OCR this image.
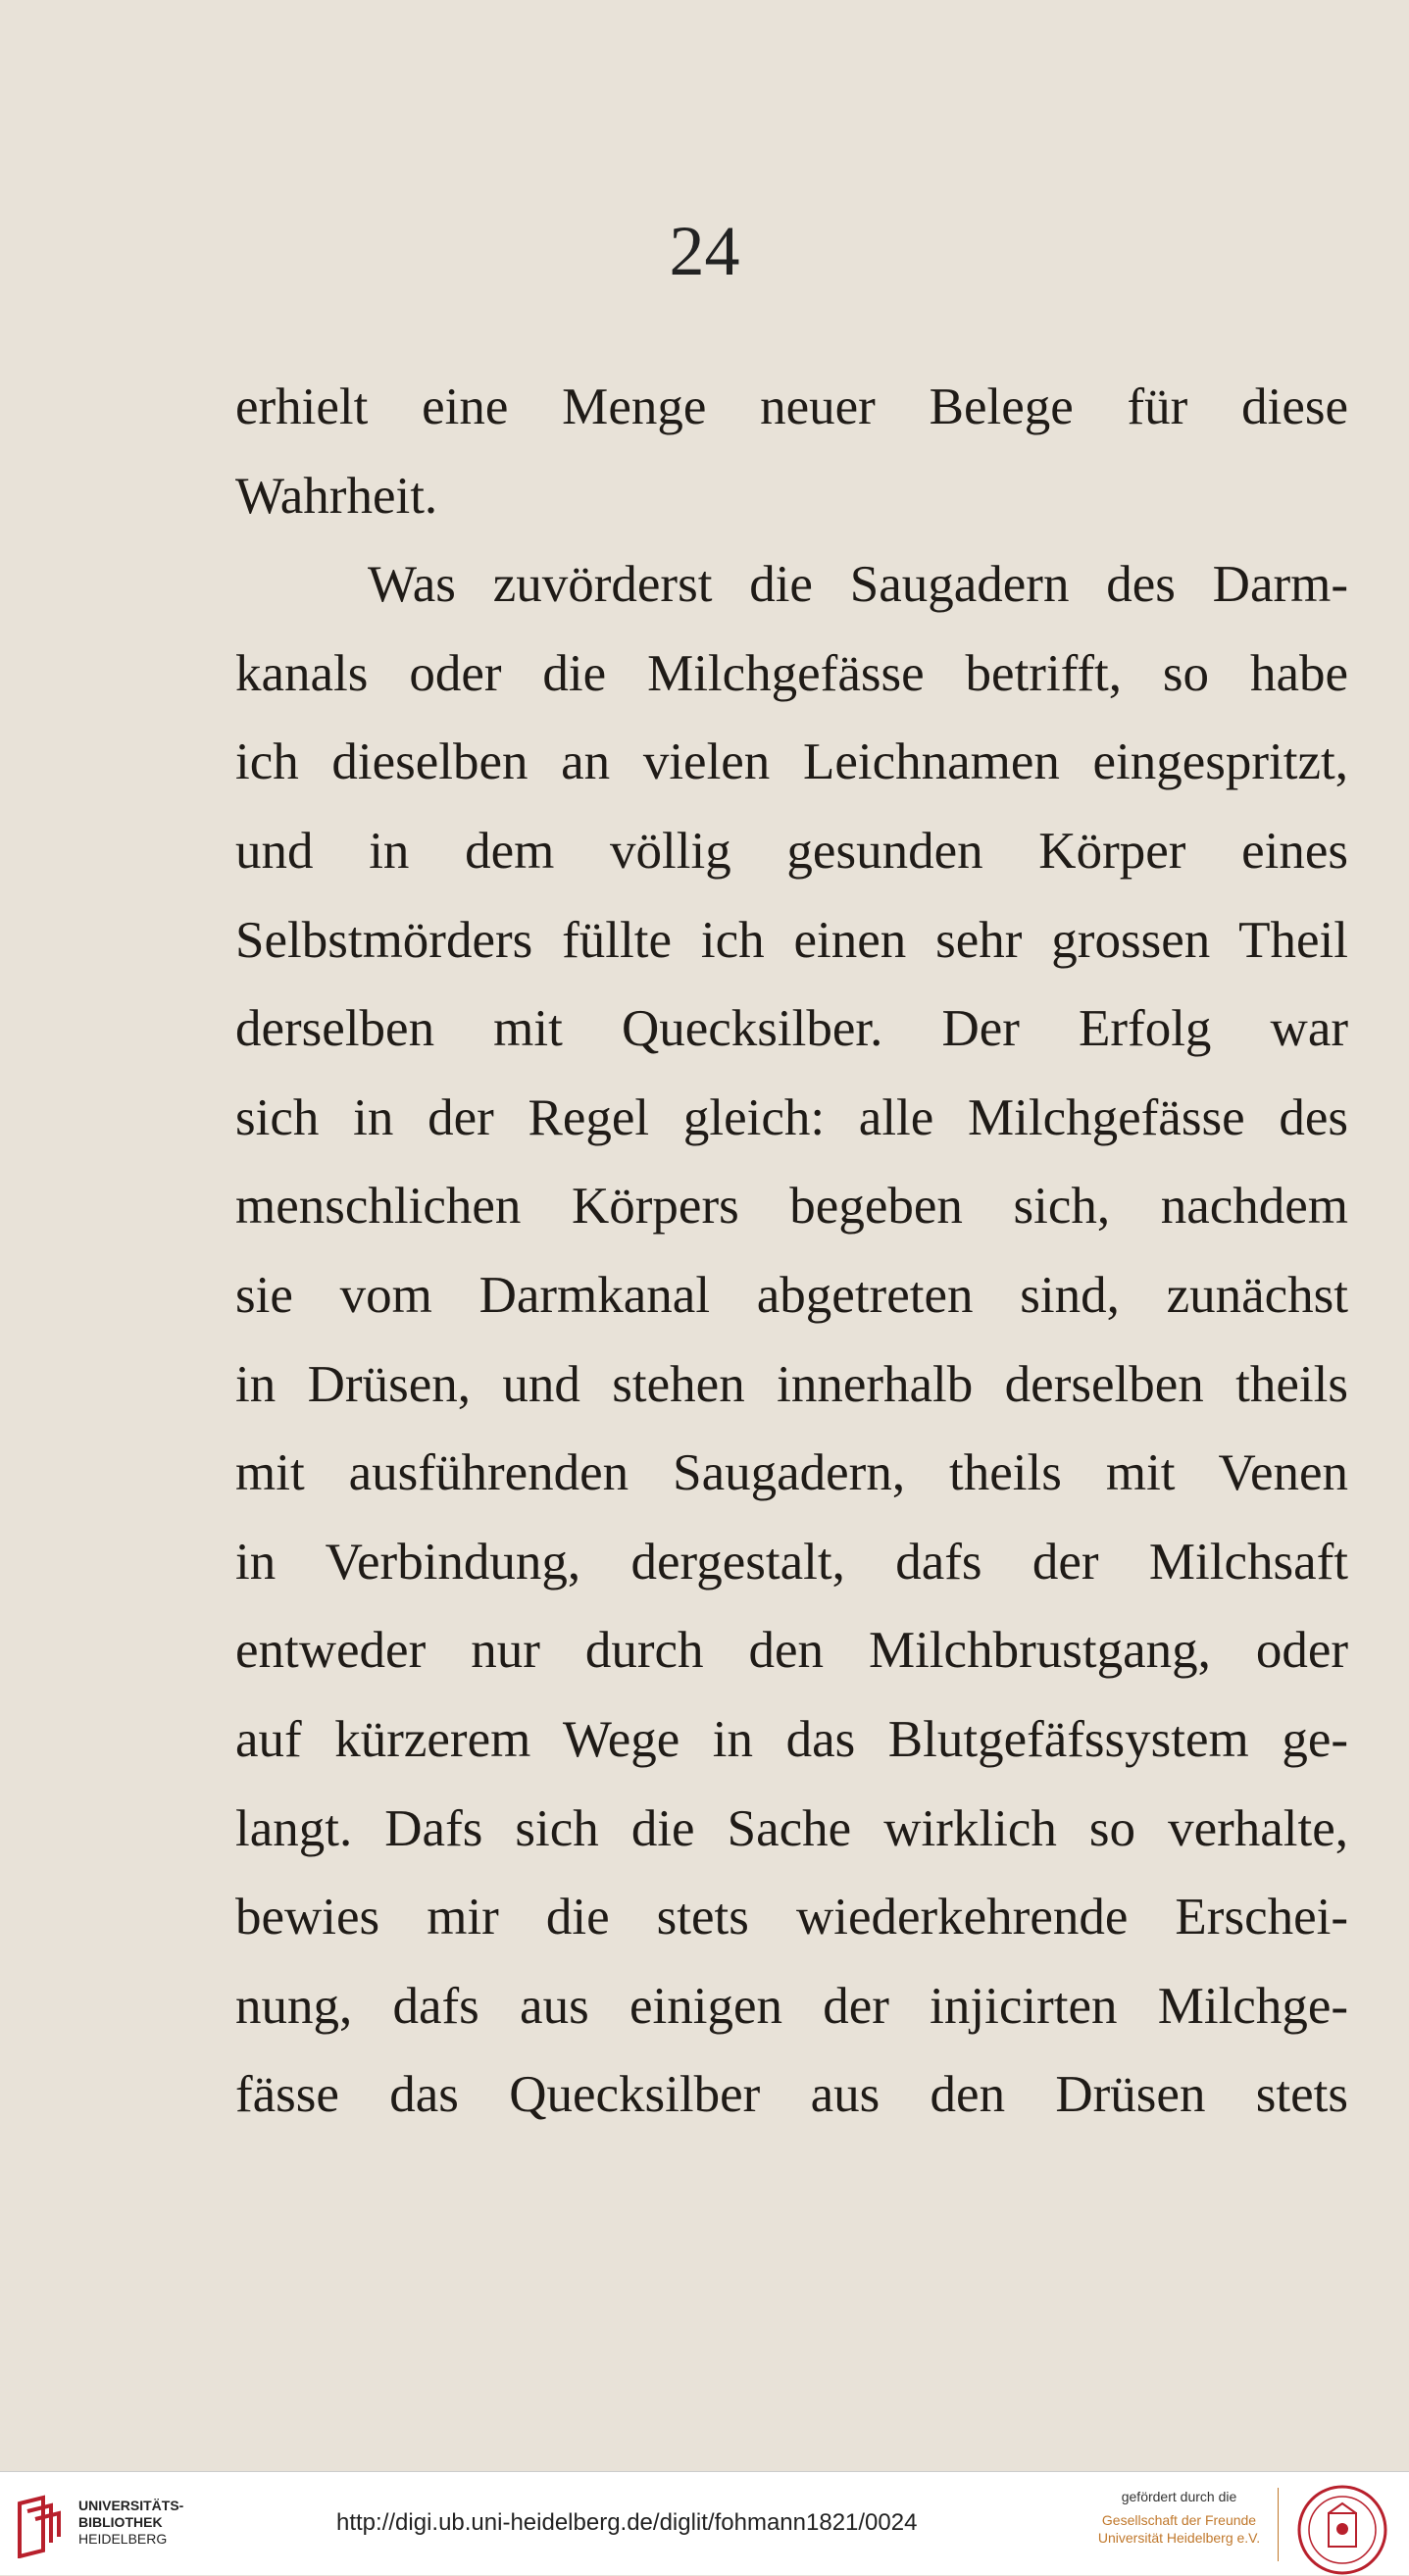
24
erhielt eine Menge neuer Belege für diese
Wahrheit.
Was zuvörderst die Saugadern des Darm-
kanals oder die Milchgefässe betrifft, so habe
ich dieselben an vielen Leichnamen eingespritzt,
und in dem völlig gesunden Körper eines
Selbstmörders füllte ich einen sehr grossen Theil
derselben mit Quecksilber. Der Erfolg war
sich in der Regel gleich: alle Milchgefässe des
menschlichen Körpers begeben sich, nachdem
sie vom Darmkanal abgetreten sind, zunächst
in Drüsen, und stehen innerhalb derselben theils
mit ausführenden Saugadern, theils mit Venen
in Verbindung, dergestalt, dafs der Milchsaft
entweder nur durch den Milchbrustgang, oder
auf kürzerem Wege in das Blutgefäfssystem ge-
langt. Dafs sich die Sache wirklich so verhalte,
bewies mir die stets wiederkehrende Erschei-
nung, dafs aus einigen der injicirten Milchge-
fässe das Quecksilber aus den Drüsen stets
UNIVERSITÄTS-
BIBLIOTHEK
HEIDELBERG
http://digi.ub.uni-heidelberg.de/diglit/fohmann1821/0024
gefördert durch die
Gesellschaft der Freunde
Universität Heidelberg e.V.
